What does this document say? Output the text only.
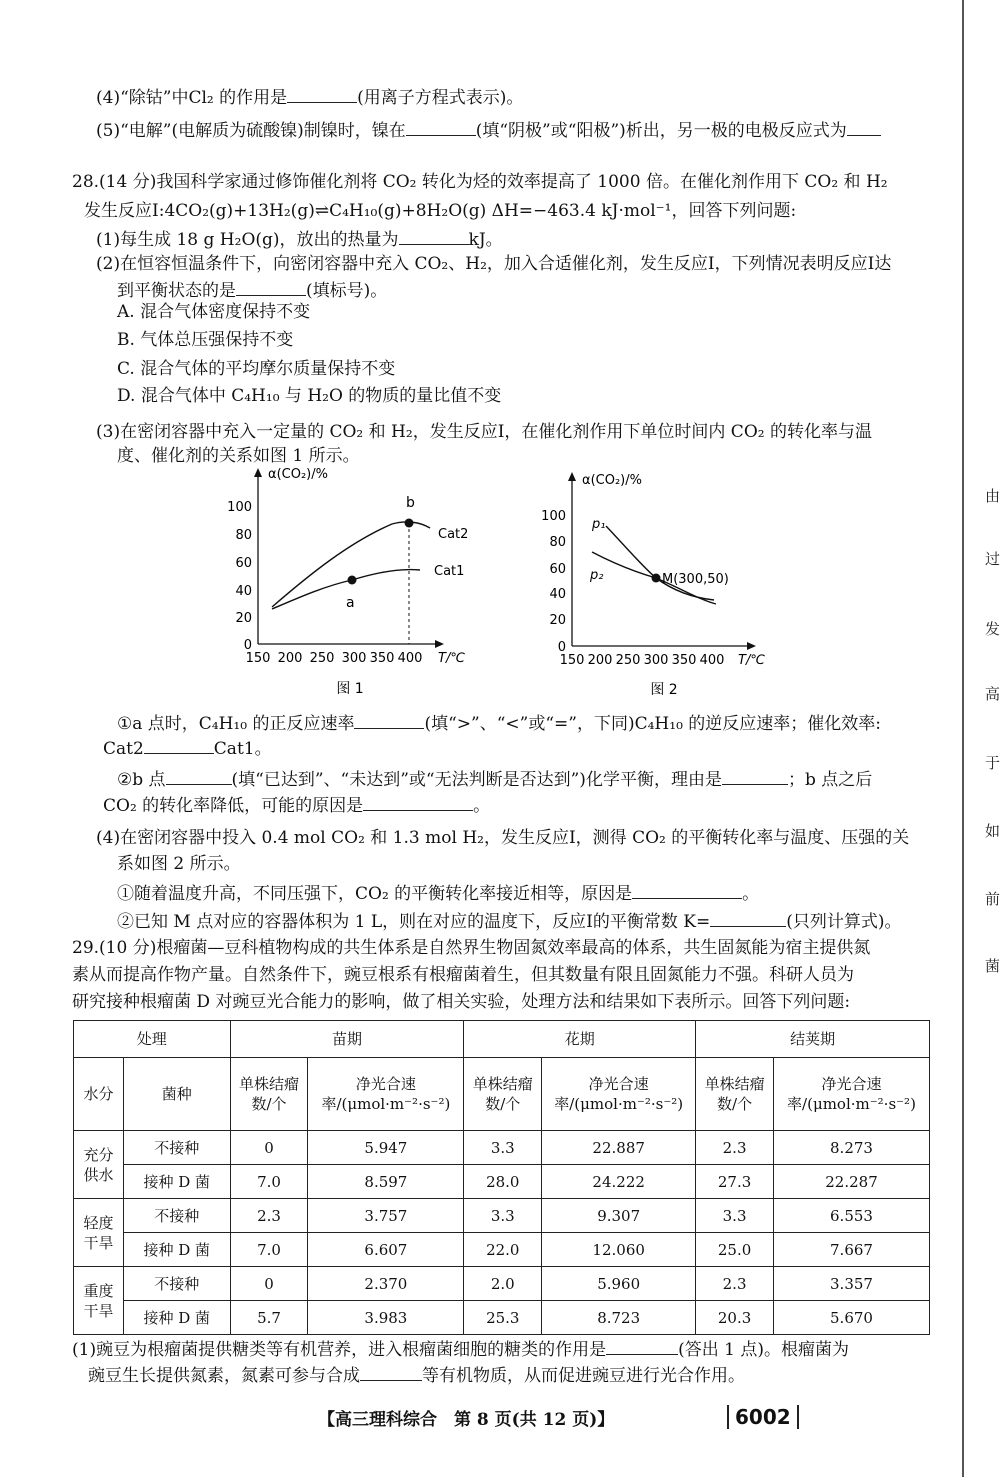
(4)“除钴”中Cl₂ 的作用是	(用离子方程式表示)。
(5)“电解”(电解质为硫酸镍)制镍时，镍在	(填“阴极”或“阳极”)析出，另一极的电极反应式为
28.(14 分)我国科学家通过修饰催化剂将 CO₂ 转化为烃的效率提高了 1000 倍。在催化剂作用下 CO₂ 和 H₂
发生反应Ⅰ:4CO₂(g)+13H₂(g)⇌C₄H₁₀(g)+8H₂O(g) ΔH=−463.4 kJ·mol⁻¹，回答下列问题:
(1)每生成 18 g H₂O(g)，放出的热量为	kJ。
(2)在恒容恒温条件下，向密闭容器中充入 CO₂、H₂，加入合适催化剂，发生反应Ⅰ，下列情况表明反应Ⅰ达
到平衡状态的是	(填标号)。
A. 混合气体密度保持不变
B. 气体总压强保持不变
C. 混合气体的平均摩尔质量保持不变
D. 混合气体中 C₄H₁₀ 与 H₂O 的物质的量比值不变
(3)在密闭容器中充入一定量的 CO₂ 和 H₂，发生反应Ⅰ，在催化剂作用下单位时间内 CO₂ 的转化率与温
度、催化剂的关系如图 1 所示。
α(CO₂)/%
T/℃
0
20
40
60
80
100
150 200 250 300 350 400
a
b
Cat2
Cat1
图 1
α(CO₂)/%
T/℃
0
20
40
60
80
100
150 200 250 300 350 400
M(300,50)
p₁
p₂
图 2
①a 点时，C₄H₁₀ 的正反应速率	(填“>”、“<”或“=”，下同)C₄H₁₀ 的逆反应速率；催化效率:
Cat2	Cat1。
②b 点	(填“已达到”、“未达到”或“无法判断是否达到”)化学平衡，理由是	；b 点之后
CO₂ 的转化率降低，可能的原因是	。
(4)在密闭容器中投入 0.4 mol CO₂ 和 1.3 mol H₂，发生反应Ⅰ，测得 CO₂ 的平衡转化率与温度、压强的关
系如图 2 所示。
①随着温度升高，不同压强下，CO₂ 的平衡转化率接近相等，原因是	。
②已知 M 点对应的容器体积为 1 L，则在对应的温度下，反应Ⅰ的平衡常数 K=	(只列计算式)。
29.(10 分)根瘤菌—豆科植物构成的共生体系是自然界生物固氮效率最高的体系，共生固氮能为宿主提供氮
素从而提高作物产量。自然条件下，豌豆根系有根瘤菌着生，但其数量有限且固氮能力不强。科研人员为
研究接种根瘤菌 D 对豌豆光合能力的影响，做了相关实验，处理方法和结果如下表所示。回答下列问题:
处理		苗期		花期		结荚期	
水分	菌种	单株结瘤数/个	净光合速率/(μmol·m⁻²·s⁻²)	单株结瘤数/个	净光合速率/(μmol·m⁻²·s⁻²)	单株结瘤数/个	净光合速率/(μmol·m⁻²·s⁻²)
充分供水	不接种	0	5.947	3.3	22.887	2.3	8.273
	接种 D 菌	7.0	8.597	28.0	24.222	27.3	22.287
轻度干旱	不接种	2.3	3.757	3.3	9.307	3.3	6.553
	接种 D 菌	7.0	6.607	22.0	12.060	25.0	7.667
重度干旱	不接种	0	2.370	2.0	5.960	2.3	3.357
	接种 D 菌	5.7	3.983	25.3	8.723	20.3	5.670
(1)豌豆为根瘤菌提供糖类等有机营养，进入根瘤菌细胞的糖类的作用是	(答出 1 点)。根瘤菌为
豌豆生长提供氮素，氮素可参与合成	等有机物质，从而促进豌豆进行光合作用。
【高三理科综合　第 8 页(共 12 页)】	6002
由
过
发
高
于
如
前
菌
